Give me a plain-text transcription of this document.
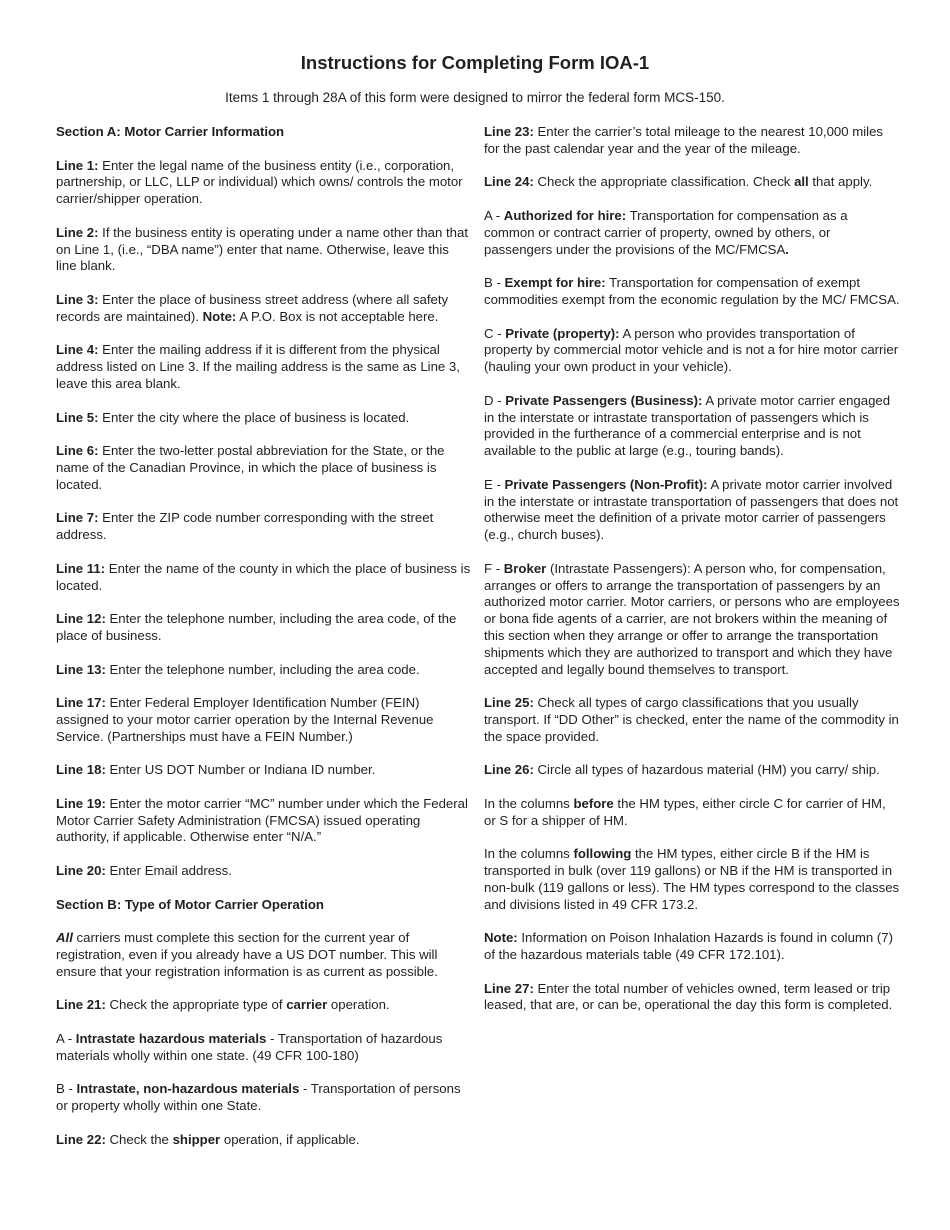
Instructions for Completing Form IOA-1

Items 1 through 28A of this form were designed to mirror the federal form MCS-150.

Section A: Motor Carrier Information

Line 1: Enter the legal name of the business entity (i.e., corporation, partnership, or LLC, LLP or individual) which owns/ controls the motor carrier/shipper operation.

Line 2: If the business entity is operating under a name other than that on Line 1, (i.e., “DBA name”) enter that name. Otherwise, leave this line blank.

Line 3: Enter the place of business street address (where all safety records are maintained). Note: A P.O. Box is not acceptable here.

Line 4: Enter the mailing address if it is different from the physical address listed on Line 3. If the mailing address is the same as Line 3, leave this area blank.

Line 5: Enter the city where the place of business is located.

Line 6: Enter the two-letter postal abbreviation for the State, or the name of the Canadian Province, in which the place of business is located.

Line 7: Enter the ZIP code number corresponding with the street address.

Line 11: Enter the name of the county in which the place of business is located.

Line 12: Enter the telephone number, including the area code, of the place of business.

Line 13: Enter the telephone number, including the area code.

Line 17: Enter Federal Employer Identification Number (FEIN) assigned to your motor carrier operation by the Internal Revenue Service. (Partnerships must have a FEIN Number.)

Line 18: Enter US DOT Number or Indiana ID number.

Line 19: Enter the motor carrier “MC” number under which the Federal Motor Carrier Safety Administration (FMCSA) issued operating authority, if applicable. Otherwise enter “N/A.”

Line 20: Enter Email address.

Section B: Type of Motor Carrier Operation

All carriers must complete this section for the current year of registration, even if you already have a US DOT number. This will ensure that your registration information is as current as possible.

Line 21: Check the appropriate type of carrier operation.

A - Intrastate hazardous materials - Transportation of hazardous materials wholly within one state. (49 CFR 100-180)

B - Intrastate, non-hazardous materials - Transportation of persons or property wholly within one State.

Line 22: Check the shipper operation, if applicable.

Line 23: Enter the carrier’s total mileage to the nearest 10,000 miles for the past calendar year and the year of the mileage.

Line 24: Check the appropriate classification. Check all that apply.

A - Authorized for hire: Transportation for compensation as a common or contract carrier of property, owned by others, or passengers under the provisions of the MC/FMCSA.

B - Exempt for hire: Transportation for compensation of exempt commodities exempt from the economic regulation by the MC/ FMCSA.

C - Private (property): A person who provides transportation of property by commercial motor vehicle and is not a for hire motor carrier (hauling your own product in your vehicle).

D - Private Passengers (Business): A private motor carrier engaged in the interstate or intrastate transportation of passengers which is provided in the furtherance of a commercial enterprise and is not available to the public at large (e.g., touring bands).

E - Private Passengers (Non-Profit): A private motor carrier involved in the interstate or intrastate transportation of passengers that does not otherwise meet the definition of a private motor carrier of passengers (e.g., church buses).

F - Broker (Intrastate Passengers): A person who, for compensation, arranges or offers to arrange the transportation of passengers by an authorized motor carrier. Motor carriers, or persons who are employees or bona fide agents of a carrier, are not brokers within the meaning of this section when they arrange or offer to arrange the transportation shipments which they are authorized to transport and which they have accepted and legally bound themselves to transport.

Line 25: Check all types of cargo classifications that you usually transport. If “DD Other” is checked, enter the name of the commodity in the space provided.

Line 26: Circle all types of hazardous material (HM) you carry/ ship.

In the columns before the HM types, either circle C for carrier of HM, or S for a shipper of HM.

In the columns following the HM types, either circle B if the HM is transported in bulk (over 119 gallons) or NB if the HM is transported in non-bulk (119 gallons or less). The HM types correspond to the classes and divisions listed in 49 CFR 173.2.

Note: Information on Poison Inhalation Hazards is found in column (7) of the hazardous materials table (49 CFR 172.101).

Line 27: Enter the total number of vehicles owned, term leased or trip leased, that are, or can be, operational the day this form is completed.
